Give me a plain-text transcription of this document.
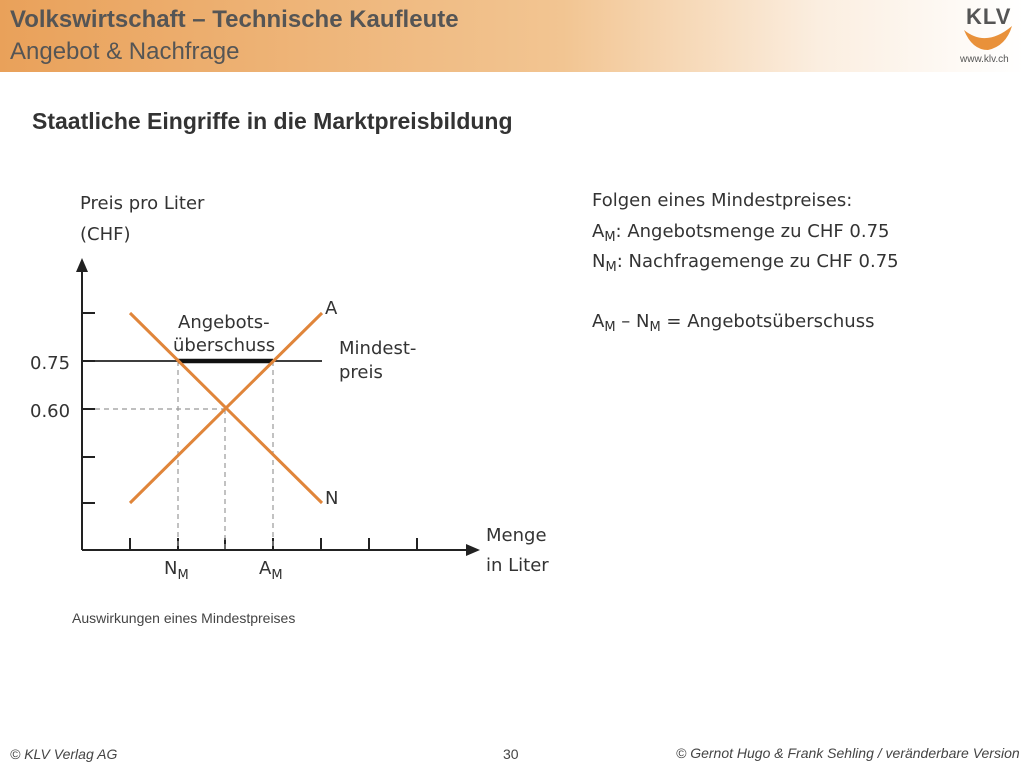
Volkswirtschaft – Technische Kaufleute
Angebot & Nachfrage
KLV
www.klv.ch
Staatliche Eingriffe in die Marktpreisbildung
Preis pro Liter
(CHF)
0.75
0.60
A
N
Angebots-
überschuss	Mindest-
preis
Menge
in Liter
$N_M$	$A_M$
Folgen eines Mindestpreises:
$A_M$: Angebotsmenge zu CHF 0.75
$N_M$: Nachfragemenge zu CHF 0.75
$A_M - N_M$ = Angebotsüberschuss
Auswirkungen eines Mindestpreises
© KLV Verlag AG	30	© Gernot Hugo & Frank Sehling / veränderbare Version
